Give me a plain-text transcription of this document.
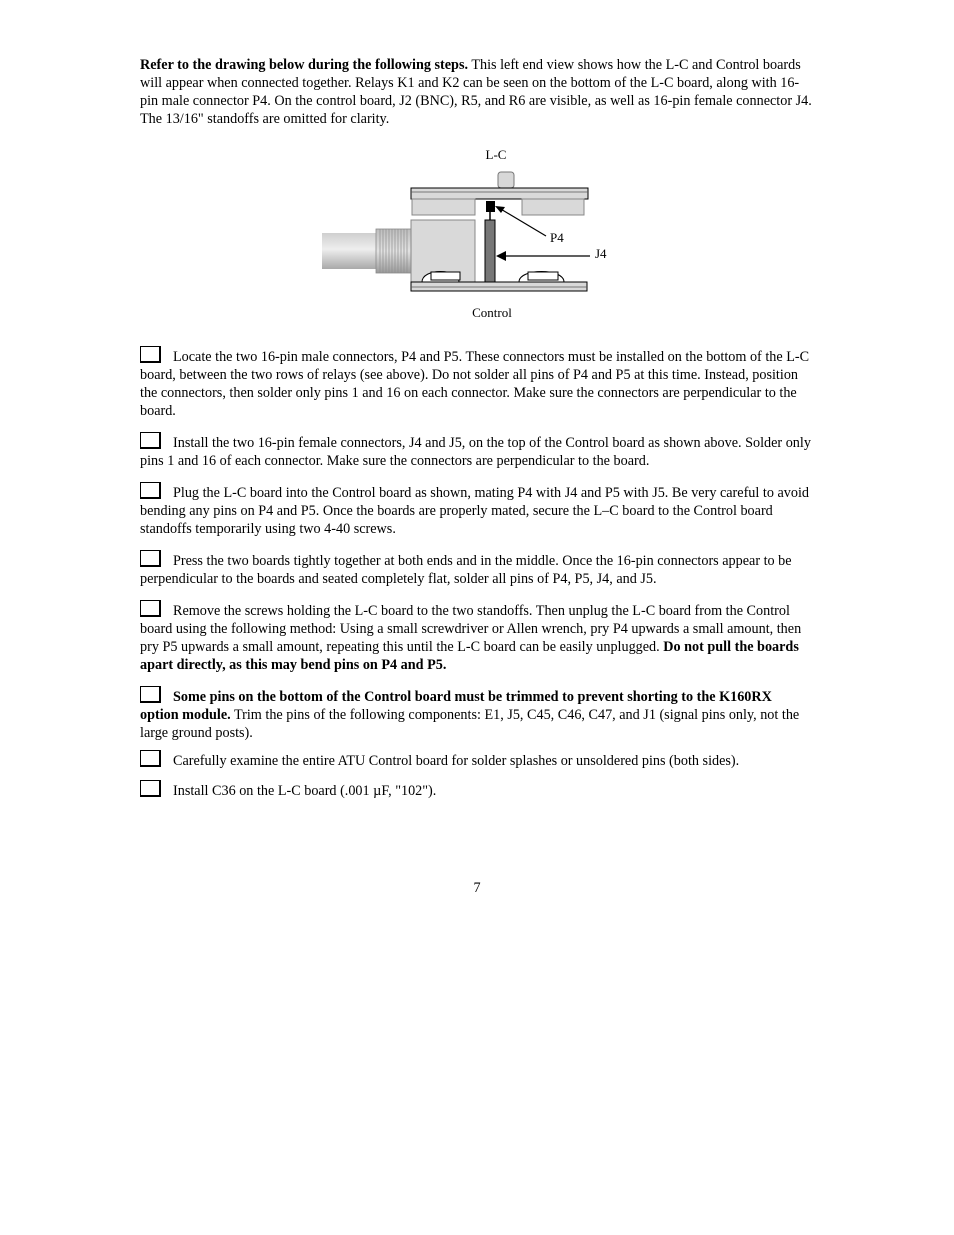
Refer to the drawing below during the following steps. This left end view shows how the L-C and Control boards will appear when connected together. Relays K1 and K2 can be seen on the bottom of the L-C board, along with 16-pin male connector P4. On the control board, J2 (BNC), R5, and R6 are visible, as well as 16-pin female connector J4. The 13/16" standoffs are omitted for clarity.

L-C
P4
J4
Control

Locate the two 16-pin male connectors, P4 and P5. These connectors must be installed on the bottom of the L-C board, between the two rows of relays (see above). Do not solder all pins of P4 and P5 at this time. Instead, position the connectors, then solder only pins 1 and 16 on each connector. Make sure the connectors are perpendicular to the board.

Install the two 16-pin female connectors, J4 and J5, on the top of the Control board as shown above. Solder only pins 1 and 16 of each connector. Make sure the connectors are perpendicular to the board.

Plug the L-C board into the Control board as shown, mating P4 with J4 and P5 with J5. Be very careful to avoid bending any pins on P4 and P5. Once the boards are properly mated, secure the L–C board to the Control board standoffs temporarily using two 4-40 screws.

Press the two boards tightly together at both ends and in the middle. Once the 16-pin connectors appear to be perpendicular to the boards and seated completely flat, solder all pins of P4, P5, J4, and J5.

Remove the screws holding the L-C board to the two standoffs. Then unplug the L-C board from the Control board using the following method: Using a small screwdriver or Allen wrench, pry P4 upwards a small amount, then pry P5 upwards a small amount, repeating this until the L-C board can be easily unplugged. Do not pull the boards apart directly, as this may bend pins on P4 and P5.

Some pins on the bottom of the Control board must be trimmed to prevent shorting to the K160RX option module. Trim the pins of the following components: E1, J5, C45, C46, C47, and J1 (signal pins only, not the large ground posts).

Carefully examine the entire ATU Control board for solder splashes or unsoldered pins (both sides).

Install C36 on the L-C board (.001 µF, "102").

7
